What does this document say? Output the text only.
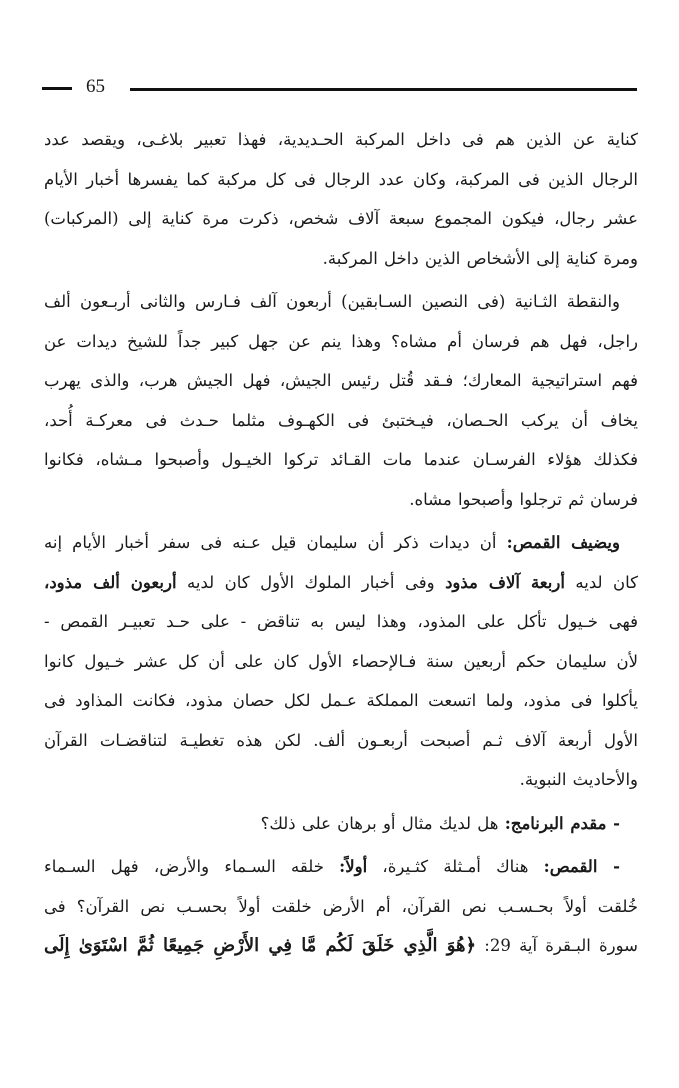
65
كناية عن الذين هم فى داخل المركبة الحـديدية، فهذا تعبير بلاغـى، ويقصد عدد
الرجال الذين فى المركبة، وكان عدد الرجال فى كل مركبة كما يفسرها أخبار الأيام
عشر رجال، فيكون المجموع سبعة آلاف شخص، ذكرت مرة كناية إلى (المركبات)
ومرة كناية إلى الأشخاص الذين داخل المركبة.
والنقطة الثـانية (فى النصين السـابقين) أربعون آلف فـارس والثانى أربـعون ألف
راجل، فهل هم فرسان أم مشاه؟ وهذا ينم عن جهل كبير جداً للشيخ ديدات عن
فهم استراتيجية المعارك؛ فـقد قُتل رئيس الجيش، فهل الجيش هرب، والذى يهرب
يخاف أن يركب الحـصان، فيـختبئ فى الكهـوف مثلما حـدث فى معركـة أُحد،
فكذلك هؤلاء الفرسـان عندما مات القـائد تركوا الخيـول وأصبحوا مـشاه، فكانوا
فرسان ثم ترجلوا وأصبحوا مشاه.
ويضيف القمص: أن ديدات ذكر أن سليمان قيل عـنه فى سفر أخبار الأيام إنه
كان لديه أربعة آلاف مذود وفى أخبار الملوك الأول كان لديه أربعون ألف مذود،
فهى خـيول تأكل على المذود، وهذا ليس به تناقض - على حـد تعبيـر القمص -
لأن سليمان حكم أربعين سنة فـالإحصاء الأول كان على أن كل عشر خـيول كانوا
يأكلوا فى مذود، ولما اتسعت المملكة عـمل لكل حصان مذود، فكانت المذاود فى
الأول أربعة آلاف ثـم أصبحت أربعـون ألف. لكن هذه تغطيـة لتناقضـات القرآن
والأحاديث النبوية.
- مقدم البرنامج: هل لديك مثال أو برهان على ذلك؟
- القمص: هناك أمـثلة كثـيرة، أولاً: خلقه السـماء والأرض، فهل السـماء
خُلقت أولاً بحـسـب نص القرآن، أم الأرض خلقت أولاً بحسـب نص القرآن؟ فى
سورة البـقرة آية 29: ﴿هُوَ الَّذِي خَلَقَ لَكُم مَّا فِي الأَرْضِ جَمِيعًا ثُمَّ اسْتَوَىٰ إِلَى
